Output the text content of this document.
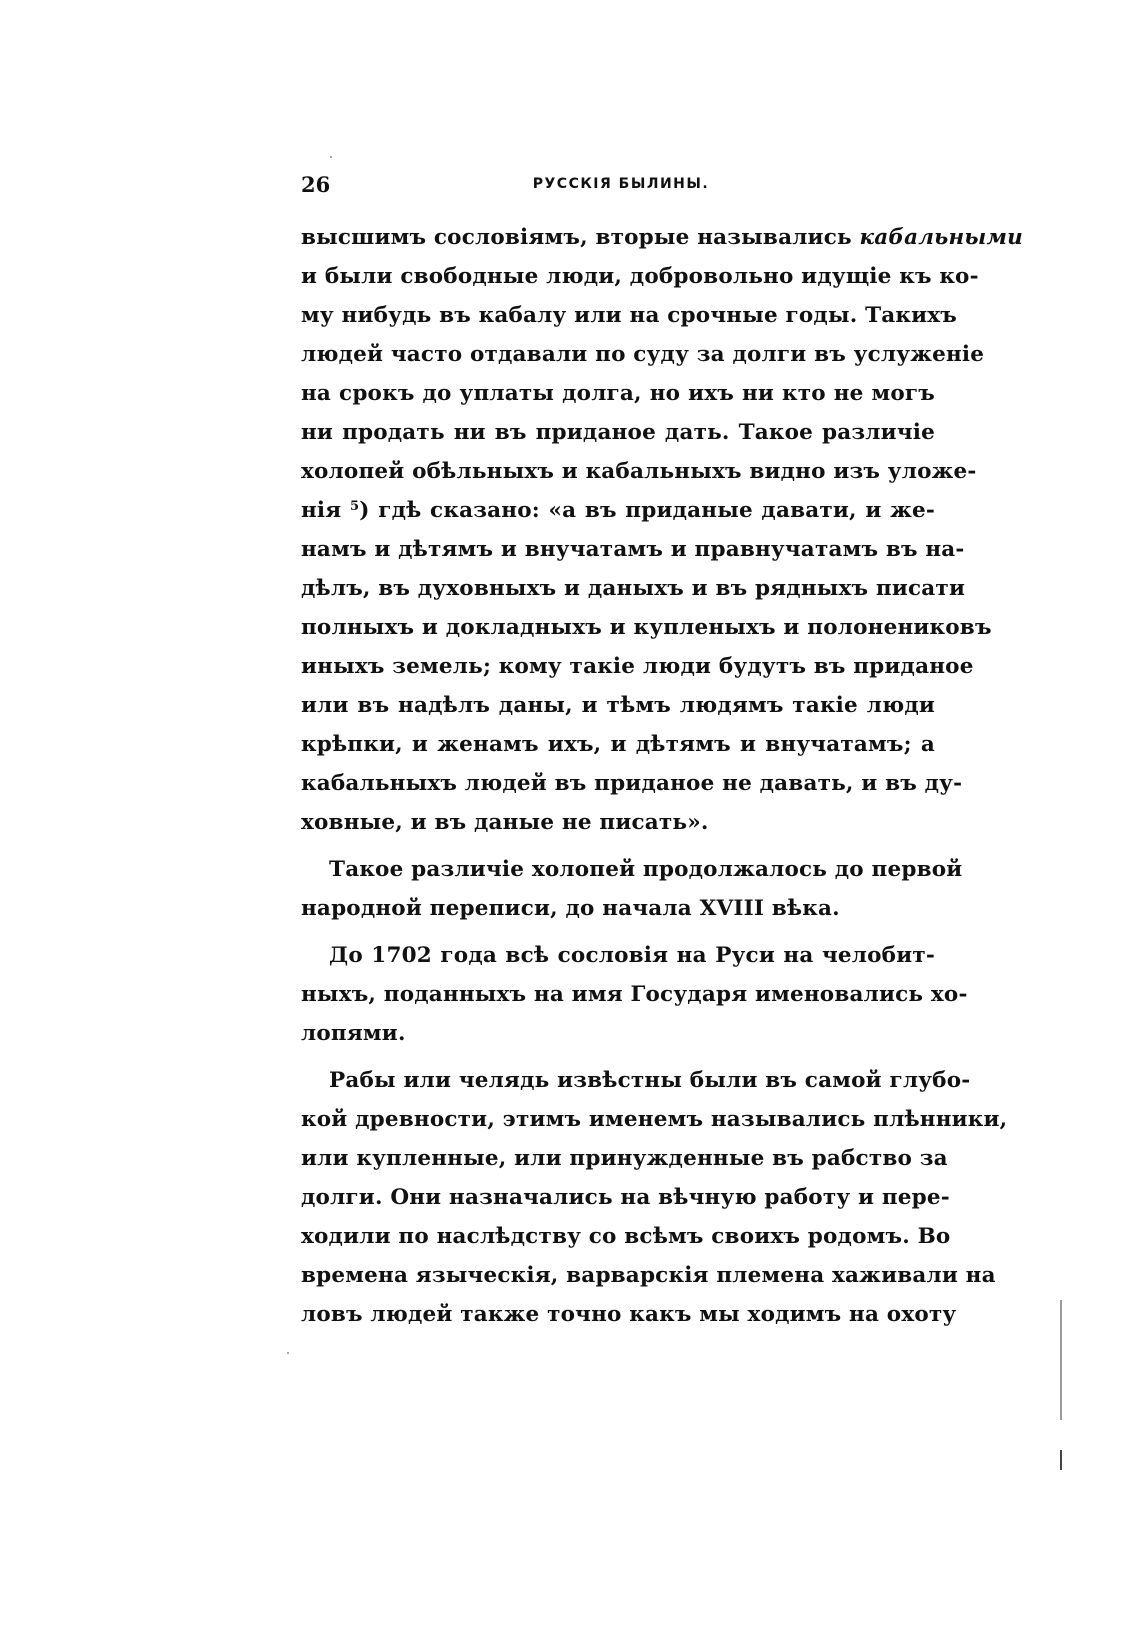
26	РУССКІЯ БЫЛИНЫ.
высшимъ сословіямъ, вторые назывались кабальными
и были свободные люди, добровольно идущіе къ ко-
му нибудь въ кабалу или на срочные годы. Такихъ
людей часто отдавали по суду за долги въ услуженіе
на срокъ до уплаты долга, но ихъ ни кто не могъ
ни продать ни въ приданое дать. Такое различіе
холопей обѣльныхъ и кабальныхъ видно изъ уложе-
нія $^5$) гдѣ сказано: «а въ приданые давати, и же-
намъ и дѣтямъ и внучатамъ и правнучатамъ въ на-
дѣлъ, въ духовныхъ и даныхъ и въ рядныхъ писати
полныхъ и докладныхъ и купленыхъ и полонениковъ
иныхъ земель; кому такіе люди будутъ въ приданое
или въ надѣлъ даны, и тѣмъ людямъ такіе люди
крѣпки, и женамъ ихъ, и дѣтямъ и внучатамъ; а
кабальныхъ людей въ приданое не давать, и въ ду-
ховные, и въ даные не писать».
Такое различіе холопей продолжалось до первой
народной переписи, до начала XVIII вѣка.
До 1702 года всѣ сословія на Руси на челобит-
ныхъ, поданныхъ на имя Государя именовались хо-
лопями.
Рабы или челядь извѣстны были въ самой глубо-
кой древности, этимъ именемъ назывались плѣнники,
или купленные, или принужденные въ рабство за
долги. Они назначались на вѣчную работу и пере-
ходили по наслѣдству со всѣмъ своихъ родомъ. Во
времена языческія, варварскія племена хаживали на
ловъ людей также точно какъ мы ходимъ на охоту
